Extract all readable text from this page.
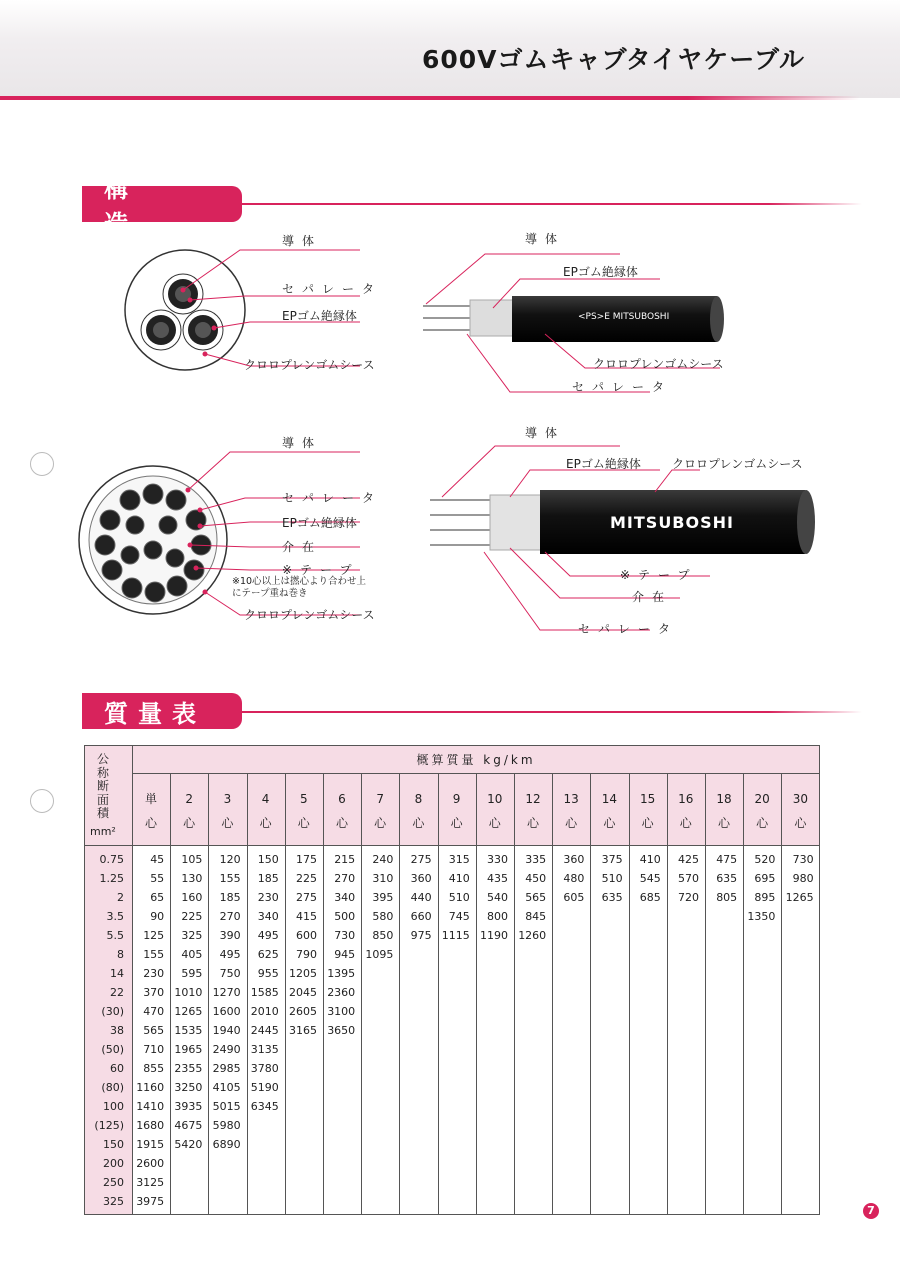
600Vゴムキャブタイヤケーブル
構造
導体
セパレータ
EPゴム絶縁体
クロロプレンゴムシース
導体
EPゴム絶縁体
クロロプレンゴムシース
セパレータ
<PS>E MITSUBOSHI
導体
セパレータ
EPゴム絶縁体
介在
※テープ
※10心以上は撚心より合わせ上にテープ重ね巻き
クロロプレンゴムシース
導体
EPゴム絶縁体	クロロプレンゴムシース
※テープ
介在
セパレータ
MITSUBOSHI
質量表
概算質量 kg/km
公
称
断
面
積
mm²
単
心
2
心
3
心
4
心
5
心
6
心
7
心
8
心
9
心
10
心
12
心
13
心
14
心
15
心
16
心
18
心
20
心
30
心
0.75
1.25
2
3.5
5.5
8
14
22
(30)
38
(50)
60
(80)
100
(125)
150
200
250
325
45
55
65
90
125
155
230
370
470
565
710
855
1160
1410
1680
1915
2600
3125
3975
105
130
160
225
325
405
595
1010
1265
1535
1965
2355
3250
3935
4675
5420
120
155
185
270
390
495
750
1270
1600
1940
2490
2985
4105
5015
5980
6890
150
185
230
340
495
625
955
1585
2010
2445
3135
3780
5190
6345
175
225
275
415
600
790
1205
2045
2605
3165
215
270
340
500
730
945
1395
2360
3100
3650
240
310
395
580
850
1095
275
360
440
660
975
315
410
510
745
1115
330
435
540
800
1190
335
450
565
845
1260
360
480
605
375
510
635
410
545
685
425
570
720
475
635
805
520
695
895
1350
730
980
1265
7
